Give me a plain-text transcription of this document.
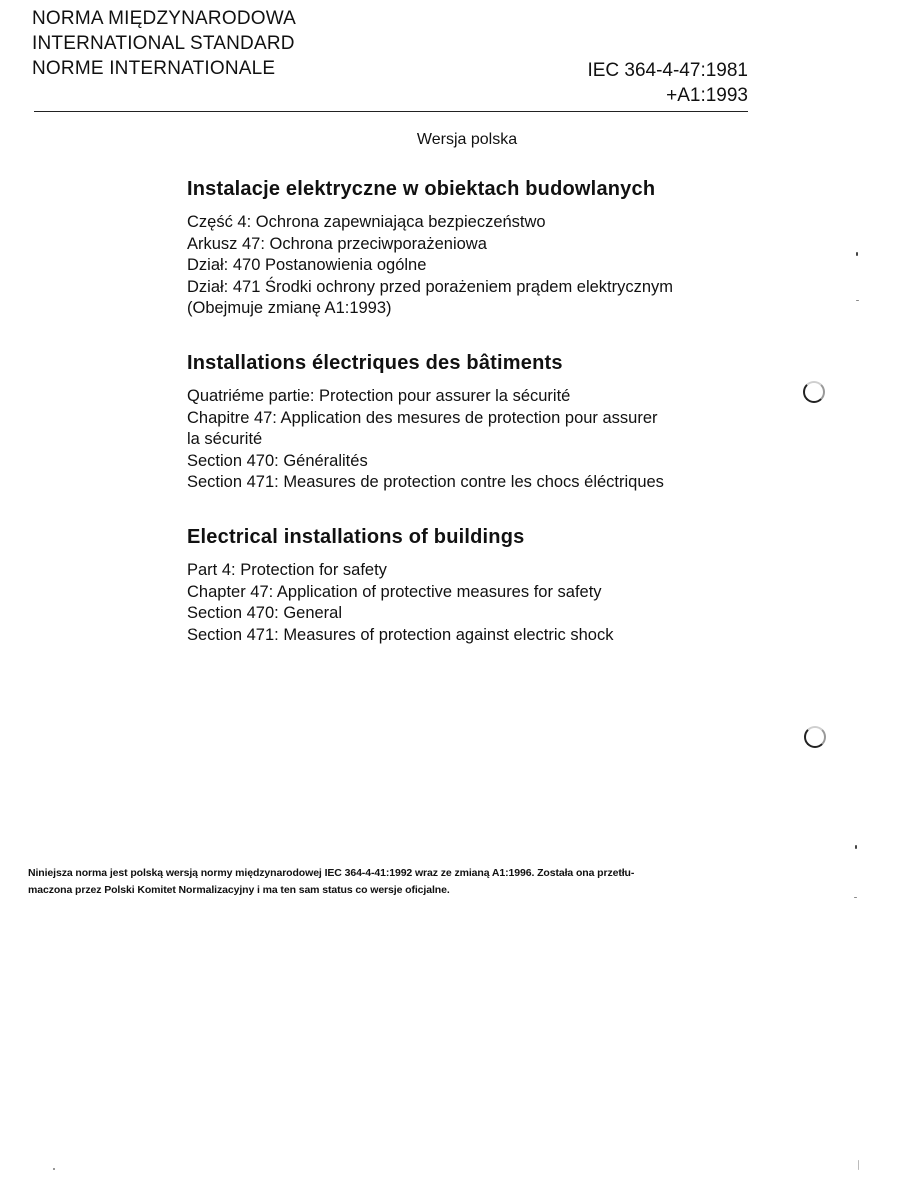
NORMA MIĘDZYNARODOWA
INTERNATIONAL STANDARD
NORME INTERNATIONALE	IEC 364-4-47:1981
+A1:1993
Wersja polska
Instalacje elektryczne w obiektach budowlanych
Część 4: Ochrona zapewniająca bezpieczeństwo
Arkusz 47: Ochrona przeciwporażeniowa
Dział: 470 Postanowienia ogólne
Dział: 471 Środki ochrony przed porażeniem prądem elektrycznym
(Obejmuje zmianę A1:1993)
Installations électriques des bâtiments
Quatriéme partie: Protection pour assurer la sécurité
Chapitre 47: Application des mesures de protection pour assurer
la sécurité
Section 470: Généralités
Section 471: Measures de protection contre les chocs éléctriques
Electrical installations of buildings
Part 4: Protection for safety
Chapter 47: Application of protective measures for safety
Section 470: General
Section 471: Measures of protection against electric shock
Niniejsza norma jest polską wersją normy międzynarodowej IEC 364-4-41:1992 wraz ze zmianą A1:1996. Została ona przetłu-
maczona przez Polski Komitet Normalizacyjny i ma ten sam status co wersje oficjalne.
